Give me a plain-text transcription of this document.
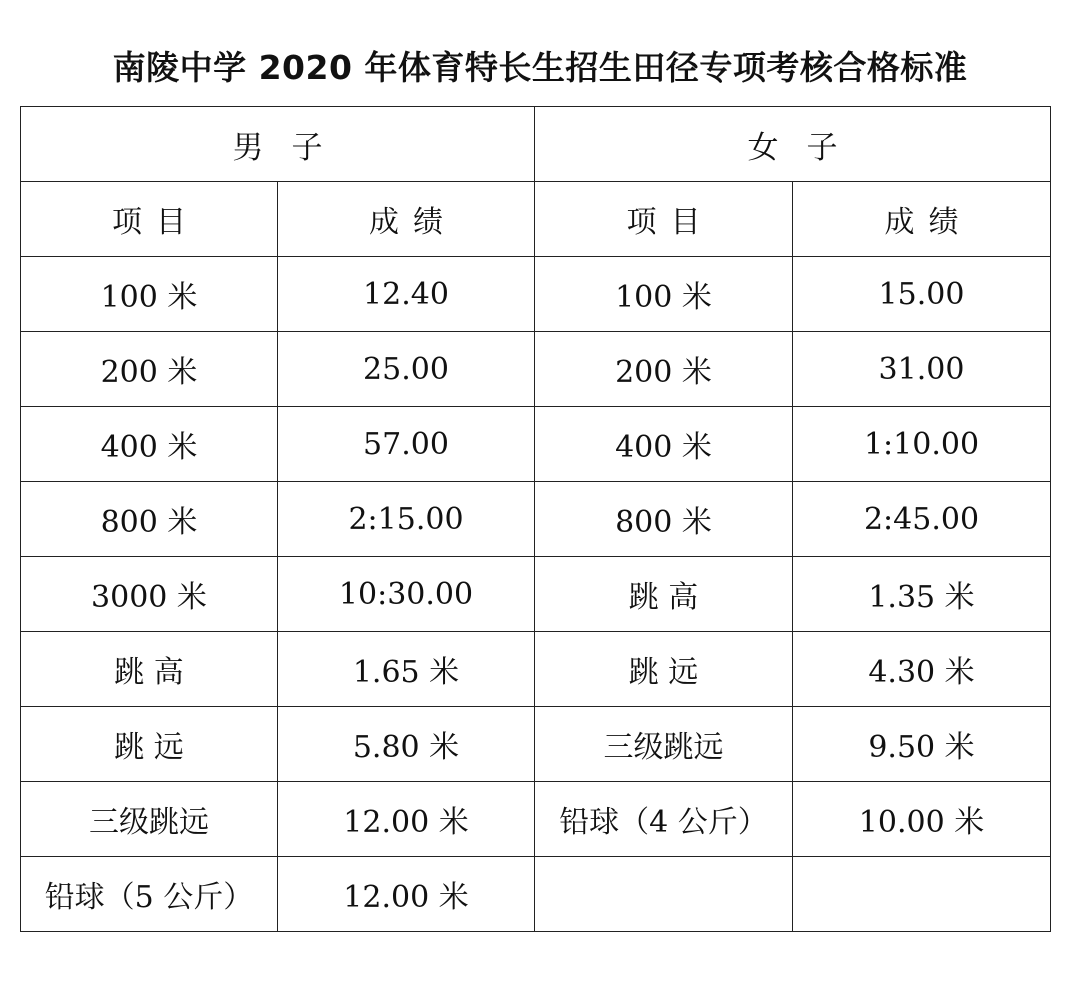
南陵中学 2020 年体育特长生招生田径专项考核合格标准
男子		女子	
项目	成绩	项目	成绩
100 米	12.40	100 米	15.00
200 米	25.00	200 米	31.00
400 米	57.00	400 米	1:10.00
800 米	2:15.00	800 米	2:45.00
3000 米	10:30.00	跳 高	1.35 米
跳 高	1.65 米	跳 远	4.30 米
跳 远	5.80 米	三级跳远	9.50 米
三级跳远	12.00 米	铅球（4 公斤）	10.00 米
铅球（5 公斤）	12.00 米		
